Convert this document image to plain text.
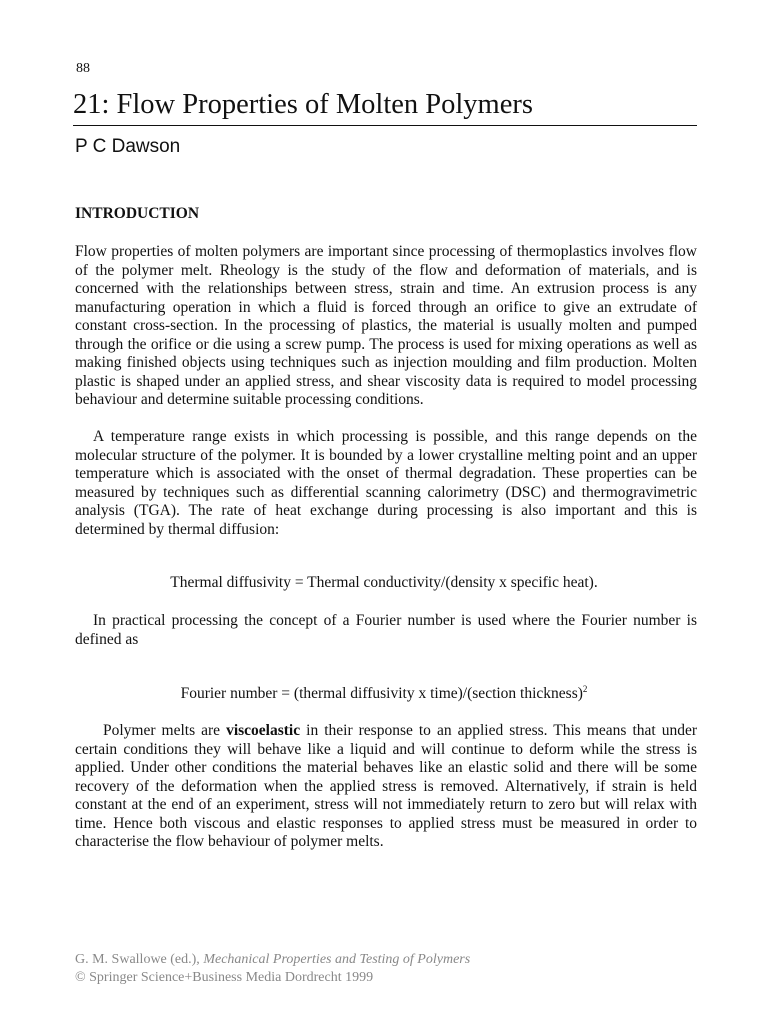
88
21: Flow Properties of Molten Polymers
P C Dawson
INTRODUCTION

Flow properties of molten polymers are important since processing of thermoplastics involves flow of the polymer melt. Rheology is the study of the flow and deformation of materials, and is concerned with the relationships between stress, strain and time. An extrusion process is any manufacturing operation in which a fluid is forced through an orifice to give an extrudate of constant cross-section. In the processing of plastics, the material is usually molten and pumped through the orifice or die using a screw pump. The process is used for mixing operations as well as making finished objects using techniques such as injection moulding and film production. Molten plastic is shaped under an applied stress, and shear viscosity data is required to model processing behaviour and determine suitable processing conditions.

A temperature range exists in which processing is possible, and this range depends on the molecular structure of the polymer. It is bounded by a lower crystalline melting point and an upper temperature which is associated with the onset of thermal degradation. These properties can be measured by techniques such as differential scanning calorimetry (DSC) and thermogravimetric analysis (TGA). The rate of heat exchange during processing is also important and this is determined by thermal diffusion:

Thermal diffusivity = Thermal conductivity/(density x specific heat).

In practical processing the concept of a Fourier number is used where the Fourier number is defined as

Fourier number = (thermal diffusivity x time)/(section thickness)$^2$

Polymer melts are viscoelastic in their response to an applied stress. This means that under certain conditions they will behave like a liquid and will continue to deform while the stress is applied. Under other conditions the material behaves like an elastic solid and there will be some recovery of the deformation when the applied stress is removed. Alternatively, if strain is held constant at the end of an experiment, stress will not immediately return to zero but will relax with time. Hence both viscous and elastic responses to applied stress must be measured in order to characterise the flow behaviour of polymer melts.

G. M. Swallowe (ed.), Mechanical Properties and Testing of Polymers
© Springer Science+Business Media Dordrecht 1999
